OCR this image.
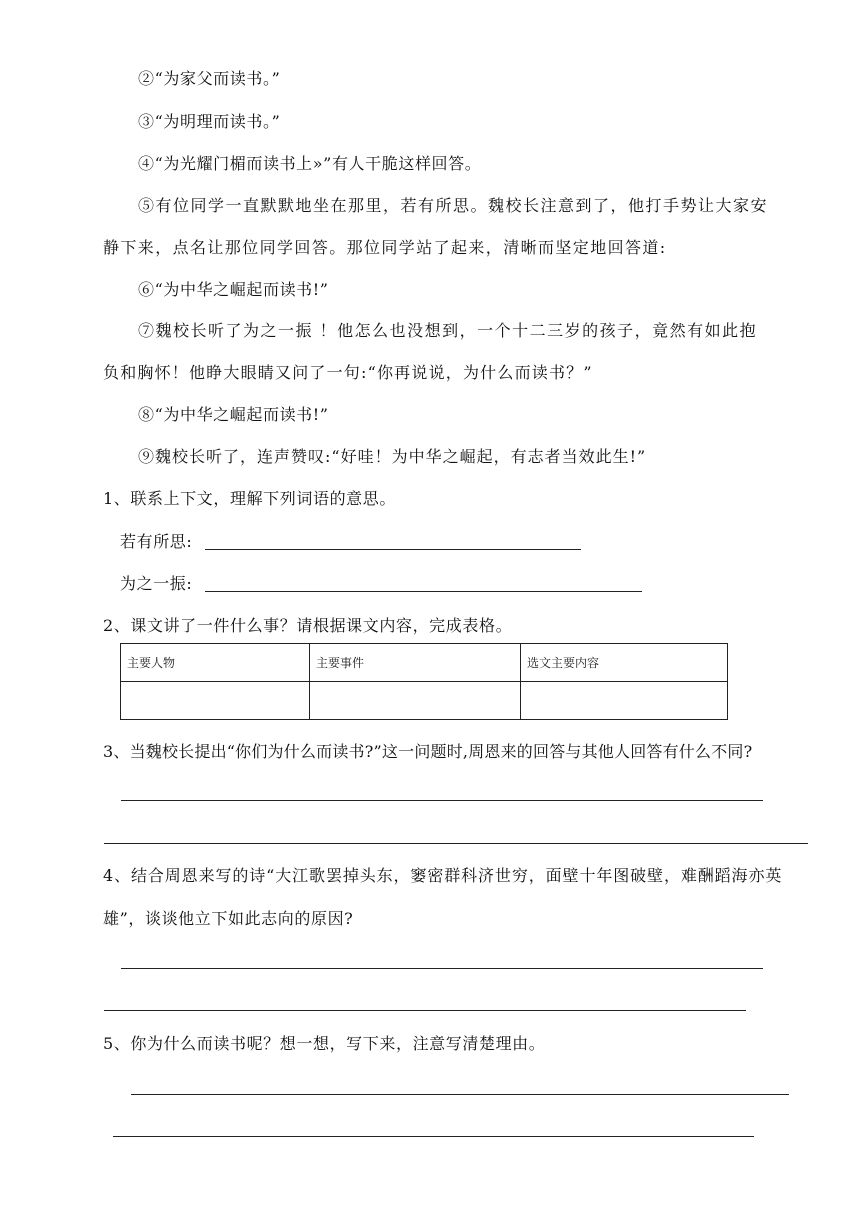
②“为家父而读书。”
③“为明理而读书。”
④“为光耀门楣而读书上»”有人干脆这样回答。
⑤有位同学一直默默地坐在那里，若有所思。魏校长注意到了，他打手势让大家安
静下来，点名让那位同学回答。那位同学站了起来，清晰而坚定地回答道:
⑥“为中华之崛起而读书!”
⑦魏校长听了为之一振 ！他怎么也没想到，一个十二三岁的孩子，竟然有如此抱
负和胸怀！他睁大眼睛又问了一句:“你再说说，为什么而读书？”
⑧“为中华之崛起而读书!”
⑨魏校长听了，连声赞叹:“好哇！为中华之崛起，有志者当效此生!”
1、联系上下文，理解下列词语的意思。
若有所思:
为之一振:
2、课文讲了一件什么事？请根据课文内容，完成表格。
主要人物	主要事件	选文主要内容

3、当魏校长提出“你们为什么而读书?”这一问题时,周恩来的回答与其他人回答有什么不同?
4、结合周恩来写的诗“大江歌罢掉头东，窭密群科济世穷，面壁十年图破壁，难酬蹈海亦英
雄”，谈谈他立下如此志向的原因?
5、你为什么而读书呢？想一想，写下来，注意写清楚理由。
